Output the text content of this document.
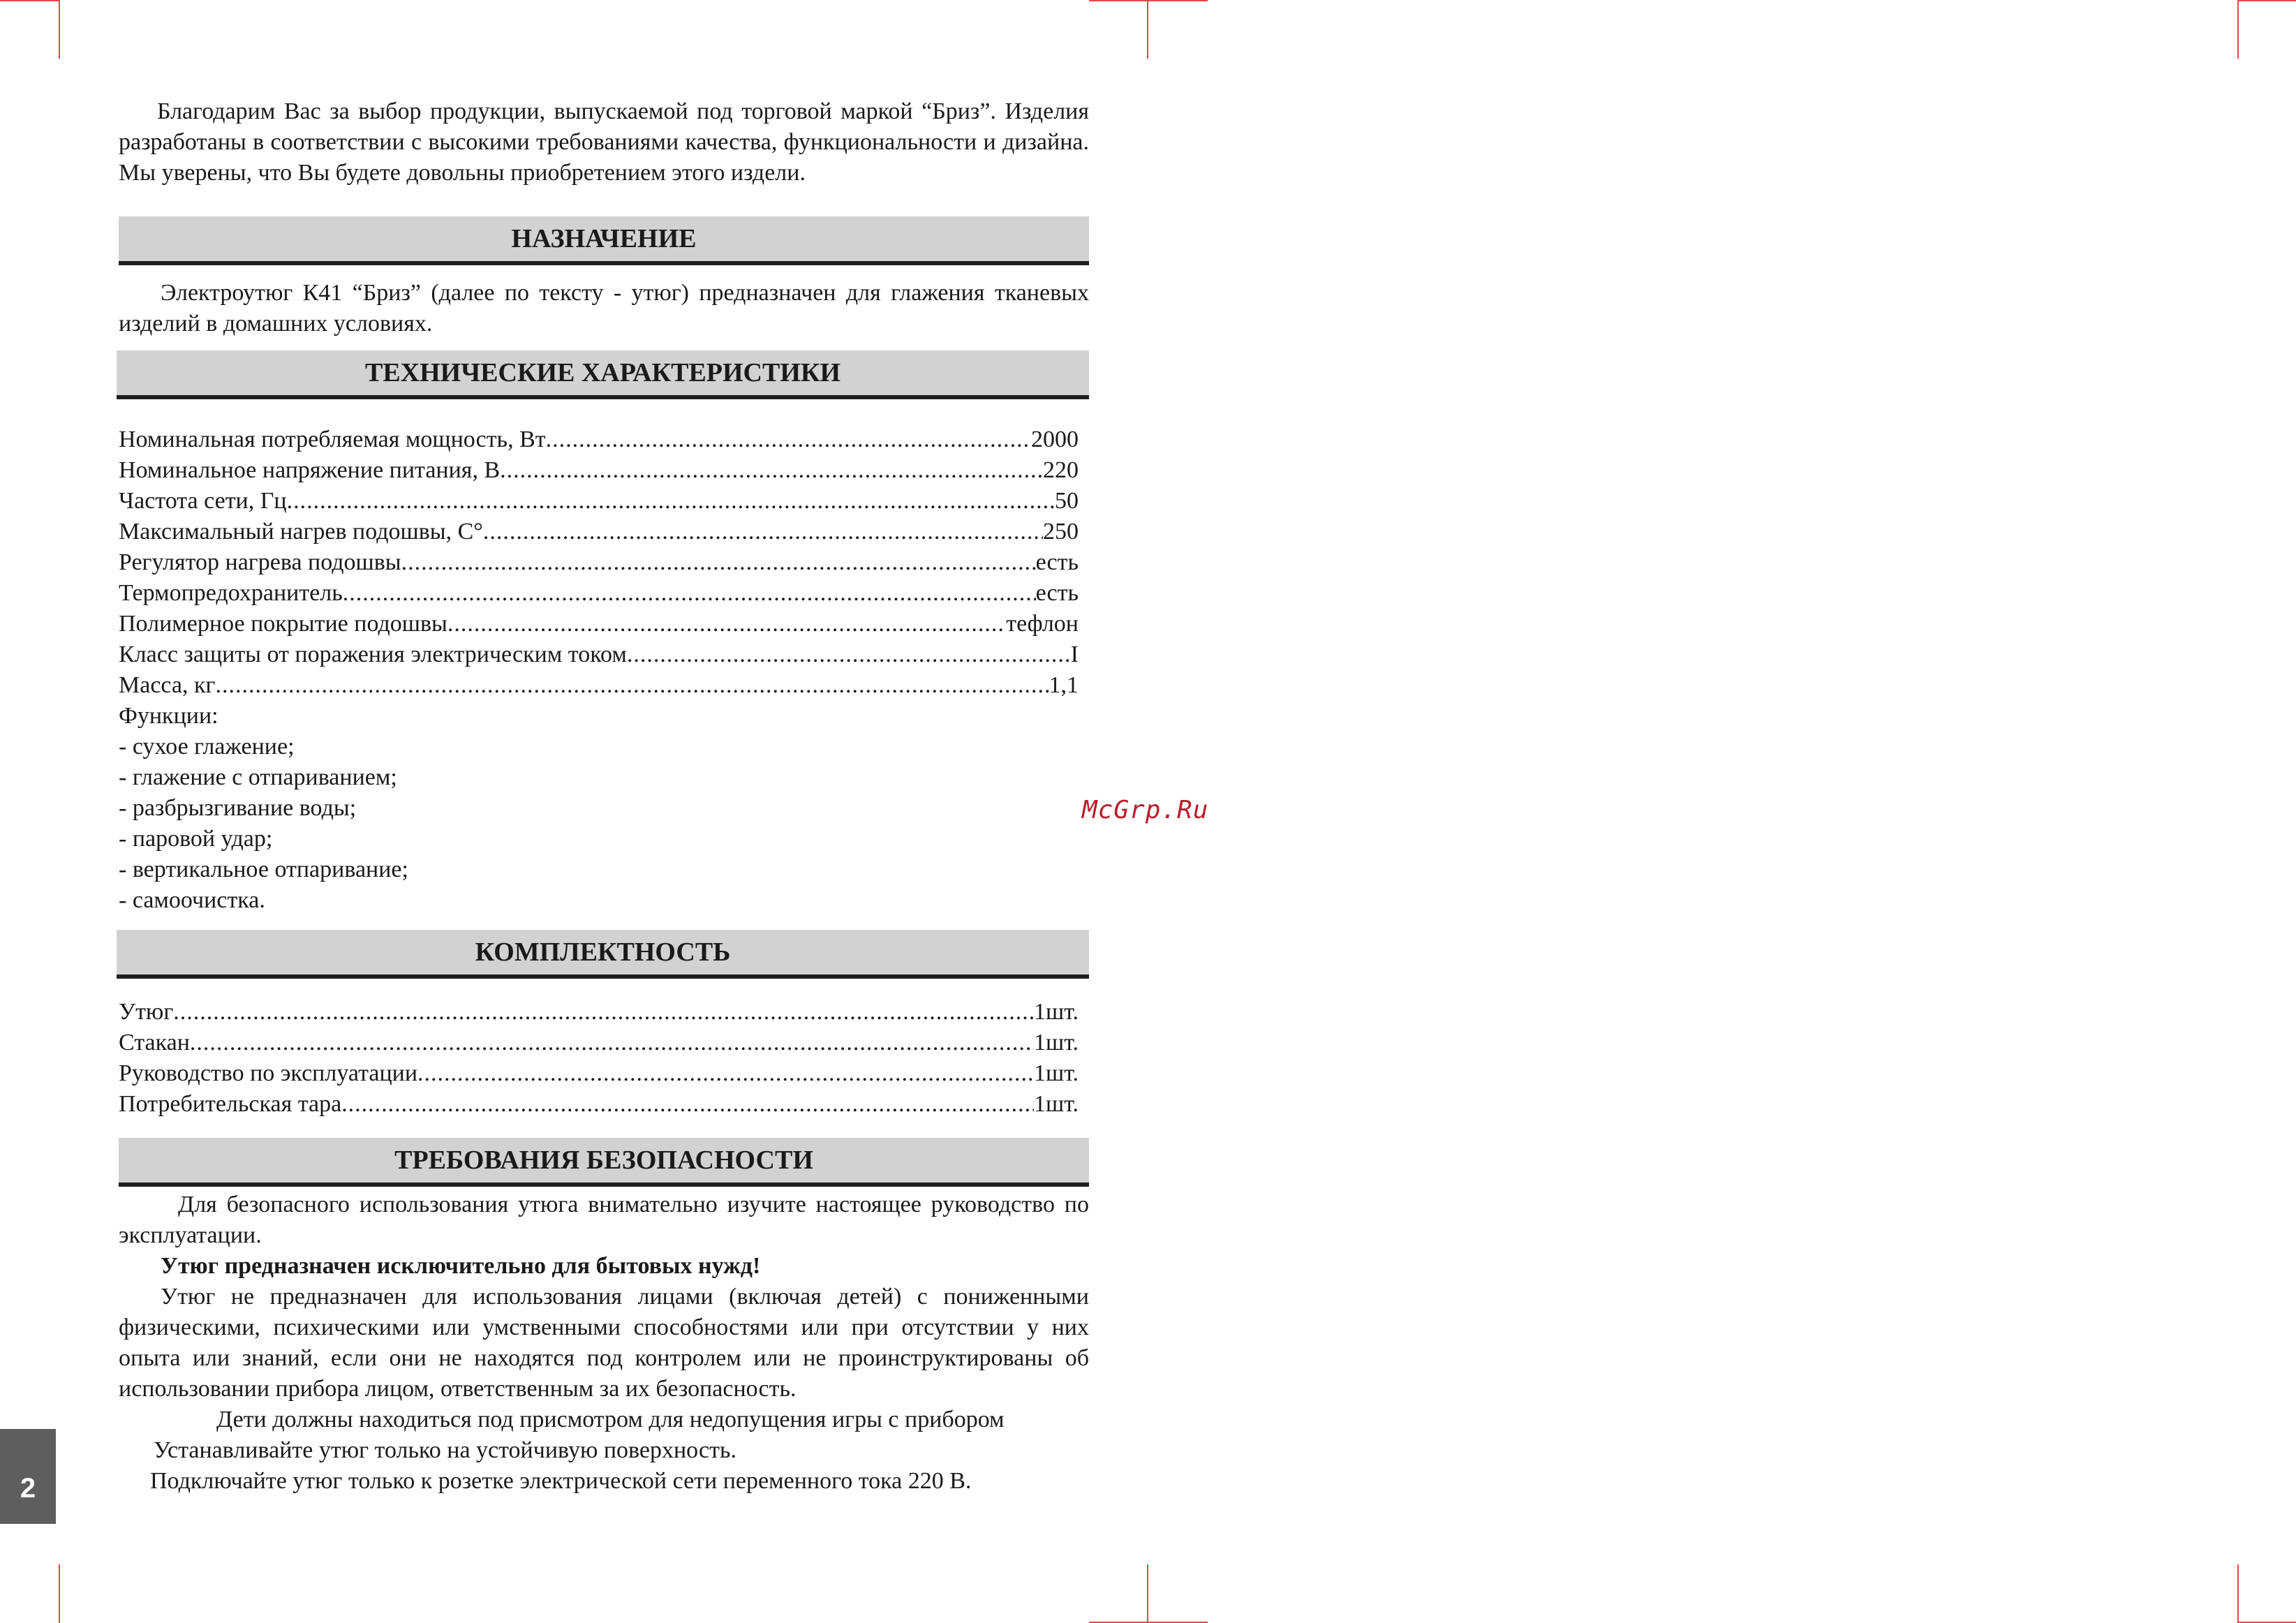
Благодарим Вас за выбор продукции, выпускаемой под торговой маркой “Бриз”. Изделия разработаны в соответствии с высокими требованиями качества, функциональности и дизайна. Мы уверены, что Вы будете довольны приобретением этого издели.

НАЗНАЧЕНИЕ

Электроутюг К41 “Бриз” (далее по тексту - утюг) предназначен для глажения тканевых изделий в домашних условиях.

ТЕХНИЧЕСКИЕ ХАРАКТЕРИСТИКИ
Номинальная потребляемая мощность, Вт .....	2000
Номинальное напряжение питания, В .....	220
Частота сети, Гц .....	50
Максимальный нагрев подошвы, С° .....	250
Регулятор нагрева подошвы .....	есть
Термопредохранитель .....	есть
Полимерное покрытие подошвы .....	тефлон
Класс защиты от поражения электрическим током .....	I
Масса, кг .....	1,1
Функции:
- сухое глажение;
- глажение с отпариванием;
- разбрызгивание воды;
- паровой удар;
- вертикальное отпаривание;
- самоочистка.
КОМПЛЕКТНОСТЬ
Утюг .....	1шт.
Стакан .....	1шт.
Руководство по эксплуатации .....	1шт.
Потребительская тара .....	1шт.
ТРЕБОВАНИЯ БЕЗОПАСНОСТИ

Для безопасного использования утюга внимательно изучите настоящее руководство по эксплуатации.

Утюг предназначен исключительно для бытовых нужд!

Утюг не предназначен для использования лицами (включая детей) с пониженными физическими, психическими или умственными способностями или при отсутствии у них опыта или знаний, если они не находятся под контролем или не проинструктированы об использовании прибора лицом, ответственным за их безопасность.

Дети должны находиться под присмотром для недопущения игры с прибором

Устанавливайте утюг только на устойчивую поверхность.

Подключайте утюг только к розетке электрической сети переменного тока 220 В.

2
McGrp.Ru
